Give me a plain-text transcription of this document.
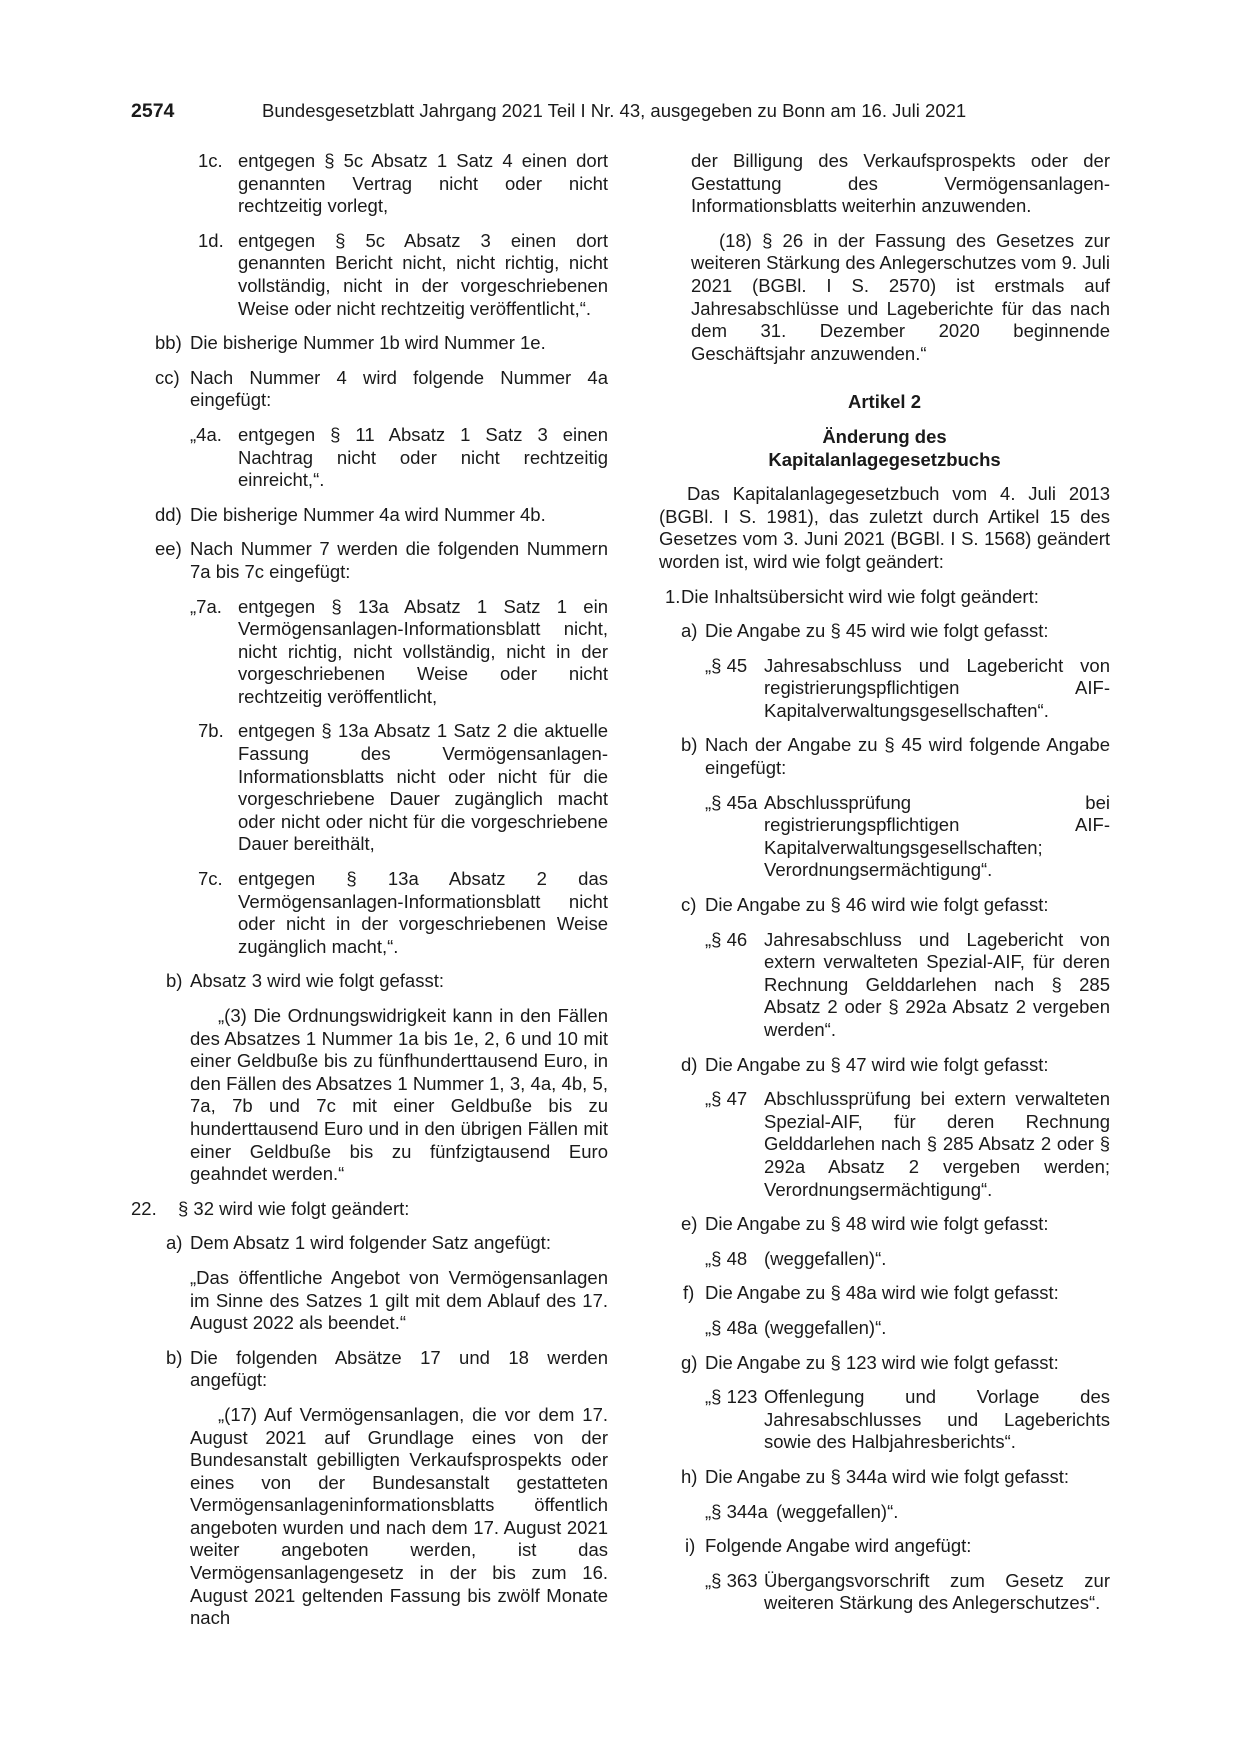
2574	Bundesgesetzblatt Jahrgang 2021 Teil I Nr. 43, ausgegeben zu Bonn am 16. Juli 2021
1c. entgegen § 5c Absatz 1 Satz 4 einen dort genannten Vertrag nicht oder nicht rechtzeitig vorlegt,

1d. entgegen § 5c Absatz 3 einen dort genannten Bericht nicht, nicht richtig, nicht vollständig, nicht in der vorgeschriebenen Weise oder nicht rechtzeitig veröffentlicht,“.

bb) Die bisherige Nummer 1b wird Nummer 1e.

cc) Nach Nummer 4 wird folgende Nummer 4a eingefügt:

„4a. entgegen § 11 Absatz 1 Satz 3 einen Nachtrag nicht oder nicht rechtzeitig einreicht,“.

dd) Die bisherige Nummer 4a wird Nummer 4b.

ee) Nach Nummer 7 werden die folgenden Nummern 7a bis 7c eingefügt:

„7a. entgegen § 13a Absatz 1 Satz 1 ein Vermögensanlagen-Informationsblatt nicht, nicht richtig, nicht vollständig, nicht in der vorgeschriebenen Weise oder nicht rechtzeitig veröffentlicht,

7b. entgegen § 13a Absatz 1 Satz 2 die aktuelle Fassung des Vermögensanlagen-Informationsblatts nicht oder nicht für die vorgeschriebene Dauer zugänglich macht oder nicht oder nicht für die vorgeschriebene Dauer bereithält,

7c. entgegen § 13a Absatz 2 das Vermögensanlagen-Informationsblatt nicht oder nicht in der vorgeschriebenen Weise zugänglich macht,“.

b) Absatz 3 wird wie folgt gefasst:

„(3) Die Ordnungswidrigkeit kann in den Fällen des Absatzes 1 Nummer 1a bis 1e, 2, 6 und 10 mit einer Geldbuße bis zu fünfhunderttausend Euro, in den Fällen des Absatzes 1 Nummer 1, 3, 4a, 4b, 5, 7a, 7b und 7c mit einer Geldbuße bis zu hunderttausend Euro und in den übrigen Fällen mit einer Geldbuße bis zu fünfzigtausend Euro geahndet werden.“

22. § 32 wird wie folgt geändert:

a) Dem Absatz 1 wird folgender Satz angefügt:

„Das öffentliche Angebot von Vermögensanlagen im Sinne des Satzes 1 gilt mit dem Ablauf des 17. August 2022 als beendet.“

b) Die folgenden Absätze 17 und 18 werden angefügt:

„(17) Auf Vermögensanlagen, die vor dem 17. August 2021 auf Grundlage eines von der Bundesanstalt gebilligten Verkaufsprospekts oder eines von der Bundesanstalt gestatteten Vermögensanlageninformationsblatts öffentlich angeboten wurden und nach dem 17. August 2021 weiter angeboten werden, ist das Vermögensanlagengesetz in der bis zum 16. August 2021 geltenden Fassung bis zwölf Monate nach

der Billigung des Verkaufsprospekts oder der Gestattung des Vermögensanlagen-Informationsblatts weiterhin anzuwenden.

(18) § 26 in der Fassung des Gesetzes zur weiteren Stärkung des Anlegerschutzes vom 9. Juli 2021 (BGBl. I S. 2570) ist erstmals auf Jahresabschlüsse und Lageberichte für das nach dem 31. Dezember 2020 beginnende Geschäftsjahr anzuwenden.“

Artikel 2

Änderung des

Kapitalanlagegesetzbuchs

Das Kapitalanlagegesetzbuch vom 4. Juli 2013 (BGBl. I S. 1981), das zuletzt durch Artikel 15 des Gesetzes vom 3. Juni 2021 (BGBl. I S. 1568) geändert worden ist, wird wie folgt geändert:

1. Die Inhaltsübersicht wird wie folgt geändert:

a) Die Angabe zu § 45 wird wie folgt gefasst:

„§ 45 Jahresabschluss und Lagebericht von registrierungspflichtigen AIF-Kapitalverwaltungsgesellschaften“.

b) Nach der Angabe zu § 45 wird folgende Angabe eingefügt:

„§ 45a Abschlussprüfung bei registrierungspflichtigen AIF-Kapitalverwaltungsgesellschaften; Verordnungsermächtigung“.

c) Die Angabe zu § 46 wird wie folgt gefasst:

„§ 46 Jahresabschluss und Lagebericht von extern verwalteten Spezial-AIF, für deren Rechnung Gelddarlehen nach § 285 Absatz 2 oder § 292a Absatz 2 vergeben werden“.

d) Die Angabe zu § 47 wird wie folgt gefasst:

„§ 47 Abschlussprüfung bei extern verwalteten Spezial-AIF, für deren Rechnung Gelddarlehen nach § 285 Absatz 2 oder § 292a Absatz 2 vergeben werden; Verordnungsermächtigung“.

e) Die Angabe zu § 48 wird wie folgt gefasst:

„§ 48 (weggefallen)“.

f) Die Angabe zu § 48a wird wie folgt gefasst:

„§ 48a (weggefallen)“.

g) Die Angabe zu § 123 wird wie folgt gefasst:

„§ 123 Offenlegung und Vorlage des Jahresabschlusses und Lageberichts sowie des Halbjahresberichts“.

h) Die Angabe zu § 344a wird wie folgt gefasst:

„§ 344a (weggefallen)“.

i) Folgende Angabe wird angefügt:

„§ 363 Übergangsvorschrift zum Gesetz zur weiteren Stärkung des Anlegerschutzes“.
